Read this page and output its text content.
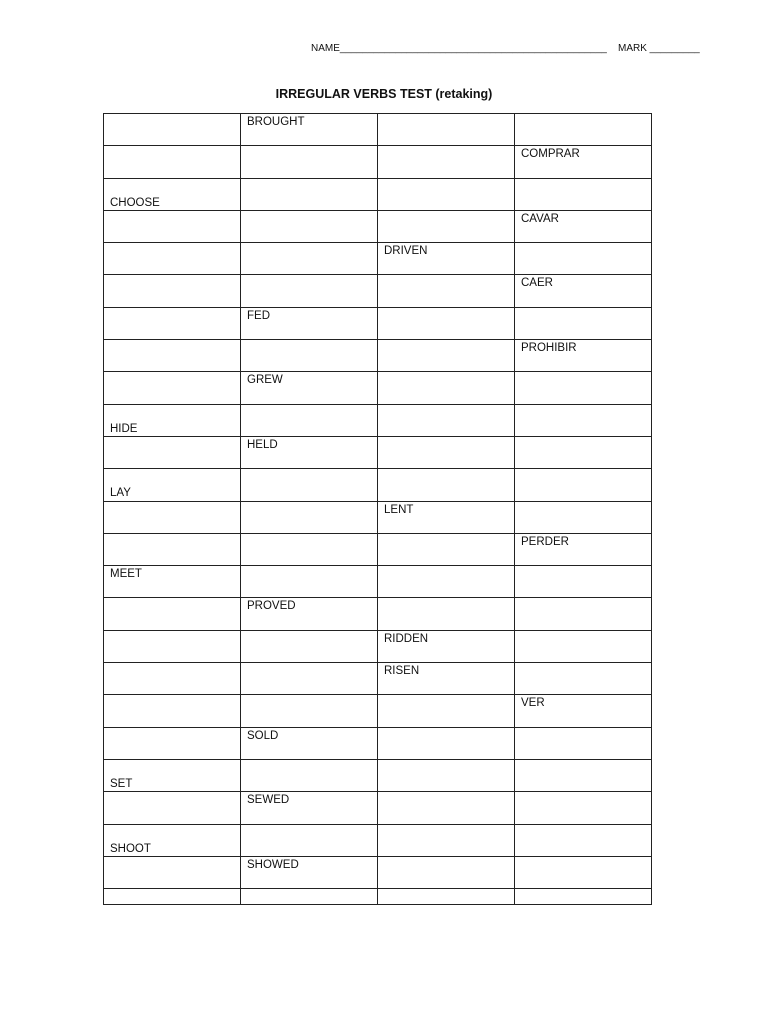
NAME________________________________________________ MARK _________
IRREGULAR VERBS TEST (retaking)

	BROUGHT		

			COMPRAR

CHOOSE			

			CAVAR

		DRIVEN	

			CAER

	FED		

			PROHIBIR

	GREW		

HIDE			

	HELD		

LAY			

		LENT	

			PERDER

MEET			

	PROVED		

		RIDDEN	

		RISEN	

			VER

	SOLD		

SET			

	SEWED		

SHOOT			

	SHOWED		
